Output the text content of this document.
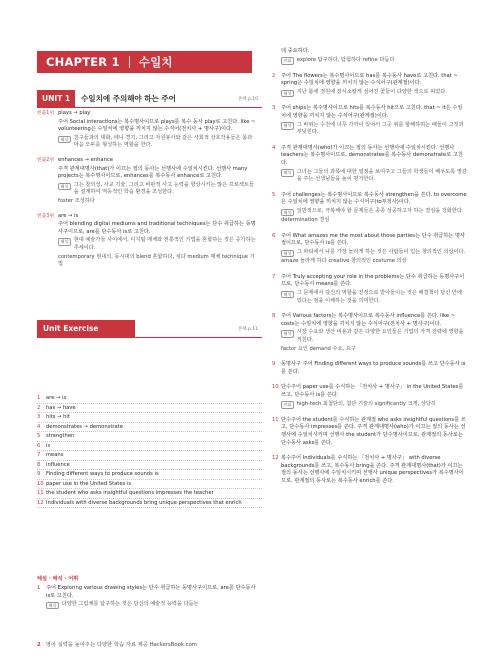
CHAPTER 1 수일치
UNIT 1	수일치에 주의해야 하는 주어	본책 p.10
빈출1위 plays → play

주어 Social interactions는 복수명사이므로 plays를 복수 동사 play로 고친다. like ~ volunteering은 수일치에 영향을 끼치지 않는 수식어(전치사 + 명사구)이다.

해석	친구들과의 대화, 테니 경기, 그리고 자원봉사와 같은 사회적 상호작용들은 몸과 마음 모두를 형성하는 역할을 한다.
빈출2위 enhances → enhance

주격 관계대명사(that)가 이끄는 절의 동사는 선행사에 수일치시킨다. 선행사 many projects는 복수명사이므로, enhances를 복수동사 enhance로 고친다.

해석	그는 창의성, 사교 기술, 그리고 비판적 사고 능력을 향상시키는 많은 프로젝트들을 설계하여 역동적인 학습 환경을 조성한다.

foster 조성하다

빈출3위 are → is

주어 blending digital mediums and traditional techniques는 단수 취급하는 동명사구이므로, are를 단수동사 is로 고친다.

해석	현대 예술가들 사이에서, 디지털 매체와 전통적인 기법을 혼합하는 것은 증가하는 추세이다.

contemporary 현대의, 동시대의 blend 혼합하다, 섞다 medium 매체 technique 기법

Unit Exercise	본책 p.11
1	are → is
2	has → have
3	hits → hit
4	demonstrates → demonstrate
5	strengthen
6	is
7	means
8	influence
9	Finding different ways to produce sounds is
10 paper use in the United States is
11 the student who asks insightful questions impresses the teacher
12 Individuals with diverse backgrounds bring unique perspectives that enrich
해설 · 해석 · 어휘
1	주어 Exploring various drawing styles는 단수 취급하는 동명사구이므로, are를 단수동사 is로 고친다.

해석	다양한 그림체를 탐구하는 것은 당신의 예술적 능력을 다듬는

데 중요하다.

어휘	explore 탐구하다, 탐험하다 refine 다듬다
2	주어 The flowers는 복수명사이므로 has를 복수동사 have로 고친다. that ~ spring은 수일치에 영향을 끼치지 않는 수식어구(관계절)이다.

해석	지난 봄에 정원에 장식소칼게 심어진 꽃들이 다양한 색으로 피었다.
3	주어 ships는 복수명사이므로 hits를 복수동사 hit으로 고친다. that ~ it은 수일치에 영향을 끼치지 않는 수식어구(관계절)이다.

해석	그 바위는 수천에 너무 가까이 있어서 그곳 위를 항해하려는 배들이 그것과 부딪힌다.
4	주격 관계대명사(who)가 이끄는 절의 동사는 선행사에 수일치시킨다. 선행사 teachers는 복수명사이므로, demonstrates를 복수동사 demonstrate로 고친다.

해석	그녀는 그들의 과목에 대한 열정을 보여주고 그들의 학생들이 배우도록 영감을 주는 선생님들을 높이 평가한다.
5	주어 challenges는 복수명사이므로 복수동사 strengthen을 쓴다. to overcome은 수일치에 영향을 끼치지 않는 수식어구(to부정사)이다.

해석	일반적으로, 극복해야 할 문제들은 종종 성공하고자 하는 결심을 강화한다.

determination 결심

6	주어 What amazes me the most about those parties는 단수 취급하는 명사절이므로, 단수동사 is를 쓴다.

해석	그 파티에서 나를 가장 놀라게 하는 것은 사람들이 입는 창의적인 의상이다.

amaze 놀라게 하다 creative 창의적인 costume 의상

7	주어 Truly accepting your role in the problems는 단수 취급하는 동명사구이므로, 단수동사 means를 쓴다.

해석	그 문제에서 당신의 역할을 진정으로 받아들이는 것은 해결책이 당신 안에 있다는 점을 이해하는 것을 의미한다.
8	주어 Various factors는 복수명사이므로 복수동사 influence를 쓴다. like ~ costs는 수일치에 영향을 끼치지 않는 수식어구(전치사 + 명사구)이다.

해석	시장 수요와 생산 비용과 같은 다양한 요인들은 기업의 가격 전략에 영향을 끼친다.

factor 요인 demand 수요, 요구

9	동명사구 주어 Finding different ways to produce sounds를 쓰고 단수동사 is를 쓴다.

10 단수주어 paper use를 수식하는 「전치사 + 명사구」 in the United States를 쓰고, 단수동사 is를 쓴다.

어휘	high-tech 최첨단의, 첨단 기술의 significantly 크게, 상당히
11 단수주어 the student를 수식하는 관계절 who asks insightful questions를 쓰고, 단수동사 impresses를 쓴다. 주격 관계대명사(who)가 이끄는 절의 동사는 선행사에 수일치시키며 선행사 the student가 단수명사이므로, 관계절의 동사로는 단수동사 asks를 쓴다.

12 복수주어 Individuals를 수식하는 「전치사 + 명사구」 with diverse backgrounds를 쓰고, 복수동사 bring을 쓴다. 주격 관계대명사(that)가 이끄는 절의 동사는 선행사에 수일치시키며 선행사 unique perspectives가 복수명사이므로, 관계절의 동사로는 복수동사 enrich를 쓴다.

2 영어 실력을 높여주는 다양한 학습 자료 제공 HackersBook.com
